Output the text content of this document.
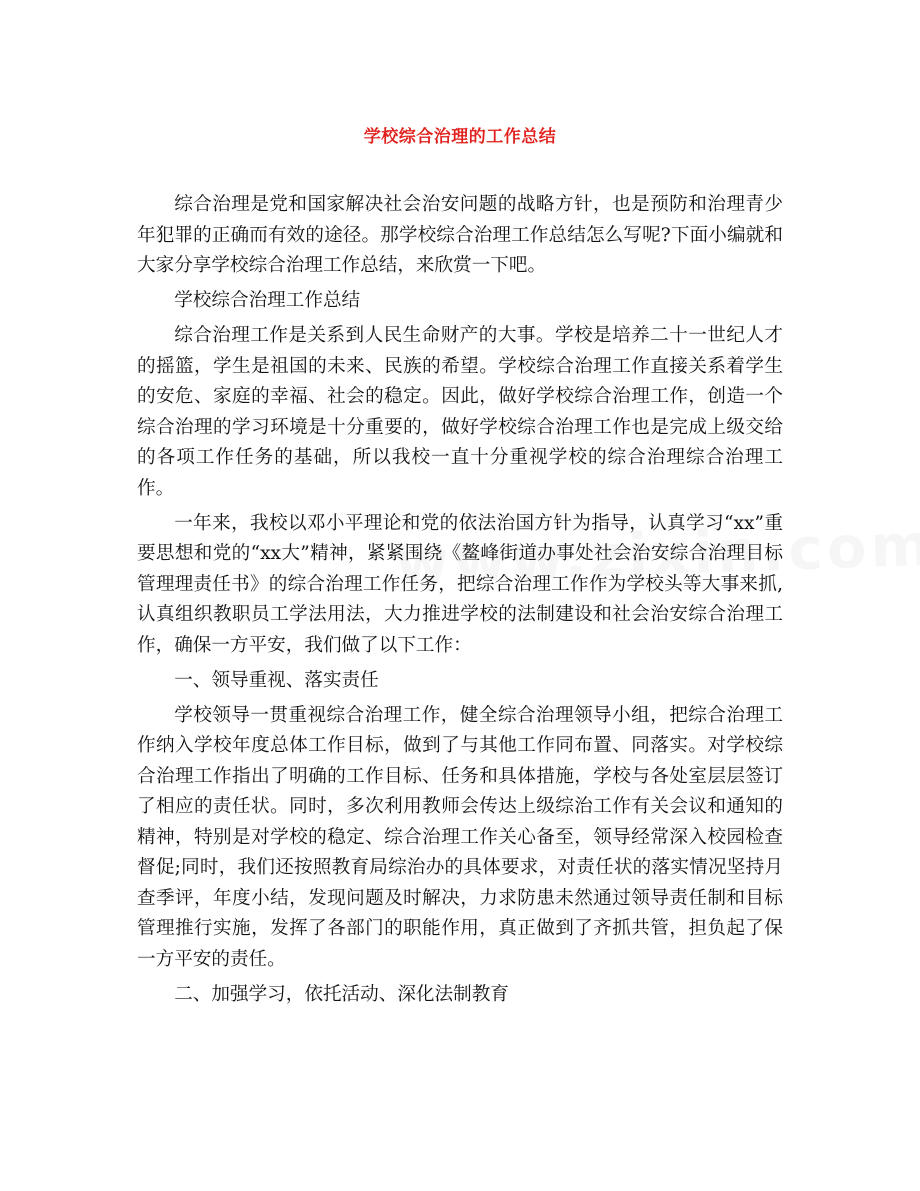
学校综合治理的工作总结

综合治理是党和国家解决社会治安问题的战略方针，也是预防和治理青少年犯罪的正确而有效的途径。那学校综合治理工作总结怎么写呢?下面小编就和大家分享学校综合治理工作总结，来欣赏一下吧。

学校综合治理工作总结

综合治理工作是关系到人民生命财产的大事。学校是培养二十一世纪人才的摇篮，学生是祖国的未来、民族的希望。学校综合治理工作直接关系着学生的安危、家庭的幸福、社会的稳定。因此，做好学校综合治理工作，创造一个综合治理的学习环境是十分重要的，做好学校综合治理工作也是完成上级交给的各项工作任务的基础，所以我校一直十分重视学校的综合治理综合治理工作。

一年来，我校以邓小平理论和党的依法治国方针为指导，认真学习“xx”重要思想和党的“xx大”精神，紧紧围绕《鳌峰街道办事处社会治安综合治理目标管理理责任书》的综合治理工作任务，把综合治理工作作为学校头等大事来抓,认真组织教职员工学法用法，大力推进学校的法制建设和社会治安综合治理工作，确保一方平安，我们做了以下工作：

一、领导重视、落实责任

学校领导一贯重视综合治理工作，健全综合治理领导小组，把综合治理工作纳入学校年度总体工作目标，做到了与其他工作同布置、同落实。对学校综合治理工作指出了明确的工作目标、任务和具体措施，学校与各处室层层签订了相应的责任状。同时，多次利用教师会传达上级综治工作有关会议和通知的精神，特别是对学校的稳定、综合治理工作关心备至，领导经常深入校园检查督促;同时，我们还按照教育局综治办的具体要求，对责任状的落实情况坚持月查季评，年度小结，发现问题及时解决，力求防患未然通过领导责任制和目标管理推行实施，发挥了各部门的职能作用，真正做到了齐抓共管，担负起了保一方平安的责任。

二、加强学习，依托活动、深化法制教育
